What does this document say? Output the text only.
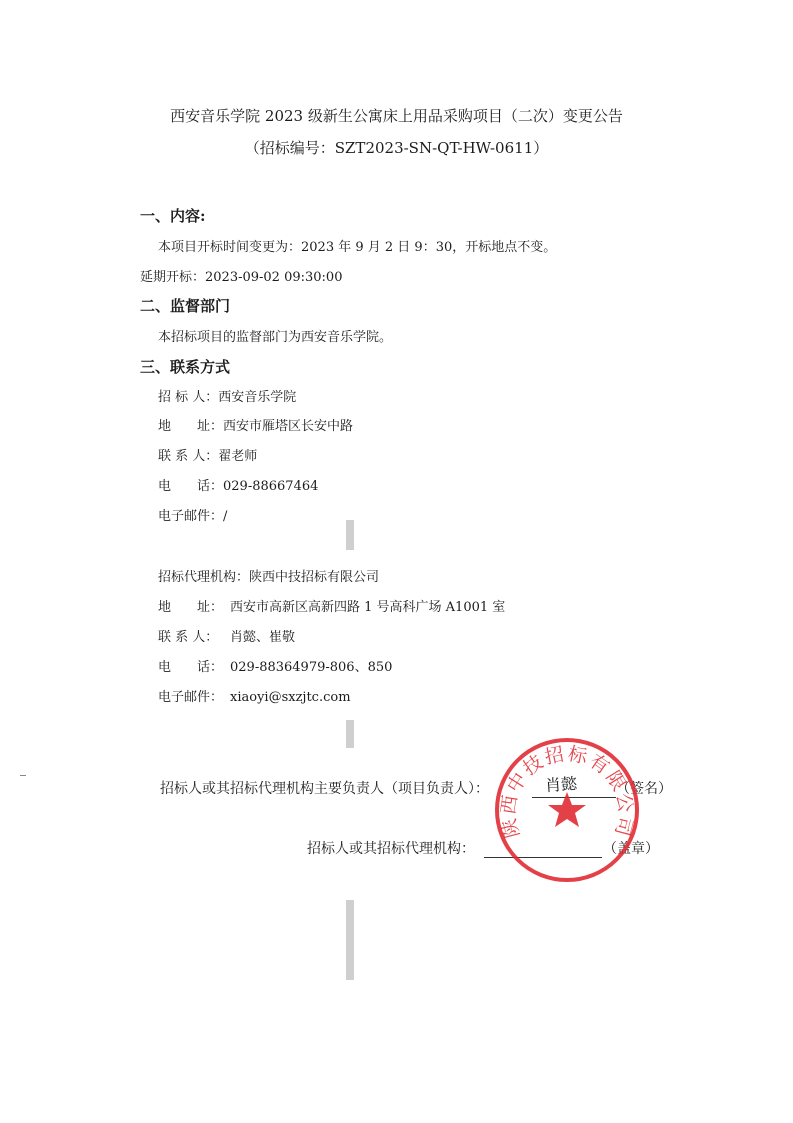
西安音乐学院 2023 级新生公寓床上用品采购项目（二次）变更公告
（招标编号：SZT2023-SN-QT-HW-0611）
一、内容:
本项目开标时间变更为：2023 年 9 月 2 日 9：30，开标地点不变。
延期开标：2023-09-02 09:30:00
二、监督部门
本招标项目的监督部门为西安音乐学院。
三、联系方式
招 标 人：西安音乐学院
地　　址：西安市雁塔区长安中路
联 系 人：翟老师
电　　话：029-88667464
电子邮件：/
招标代理机构：陕西中技招标有限公司
地　　址： 西安市高新区高新四路 1 号高科广场 A1001 室
联 系 人： 肖懿、崔敬
电　　话： 029-88364979-806、850
电子邮件： xiaoyi@sxzjtc.com
招标人或其招标代理机构主要负责人（项目负责人）：	肖懿	（签名）
招标人或其招标代理机构：	（盖章）
陕西中技招标有限公司
